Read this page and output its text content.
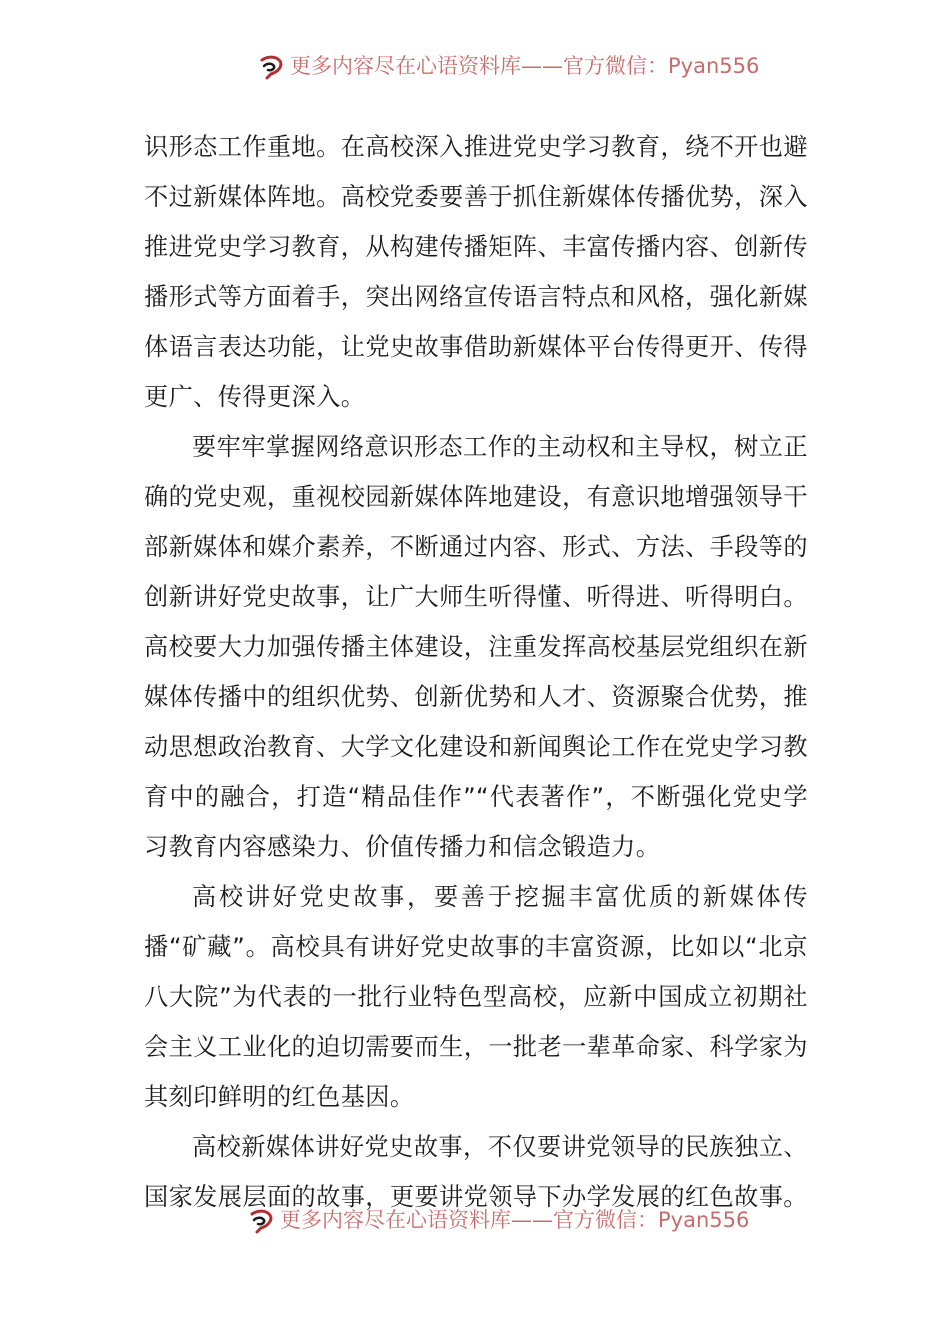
更多内容尽在心语资料库——官方微信：Pyan556

识形态工作重地。在高校深入推进党史学习教育，绕不开也避不过新媒体阵地。高校党委要善于抓住新媒体传播优势，深入推进党史学习教育，从构建传播矩阵、丰富传播内容、创新传播形式等方面着手，突出网络宣传语言特点和风格，强化新媒体语言表达功能，让党史故事借助新媒体平台传得更开、传得更广、传得更深入。

要牢牢掌握网络意识形态工作的主动权和主导权，树立正确的党史观，重视校园新媒体阵地建设，有意识地增强领导干部新媒体和媒介素养，不断通过内容、形式、方法、手段等的创新讲好党史故事，让广大师生听得懂、听得进、听得明白。高校要大力加强传播主体建设，注重发挥高校基层党组织在新媒体传播中的组织优势、创新优势和人才、资源聚合优势，推动思想政治教育、大学文化建设和新闻舆论工作在党史学习教育中的融合，打造“精品佳作”“代表著作”，不断强化党史学习教育内容感染力、价值传播力和信念锻造力。

高校讲好党史故事，要善于挖掘丰富优质的新媒体传播“矿藏”。高校具有讲好党史故事的丰富资源，比如以“北京八大院”为代表的一批行业特色型高校，应新中国成立初期社会主义工业化的迫切需要而生，一批老一辈革命家、科学家为其刻印鲜明的红色基因。

高校新媒体讲好党史故事，不仅要讲党领导的民族独立、国家发展层面的故事，更要讲党领导下办学发展的红色故事。

更多内容尽在心语资料库——官方微信：Pyan556
